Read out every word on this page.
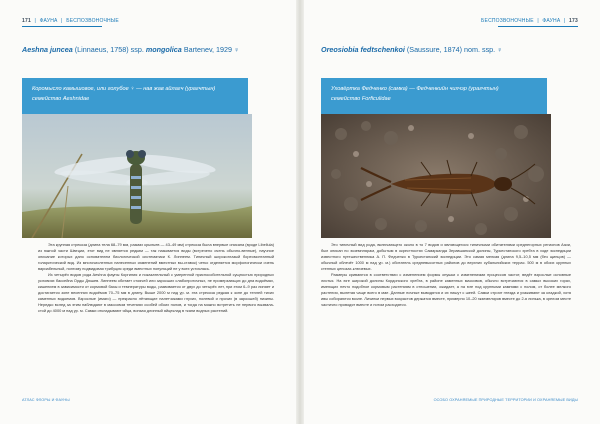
171 | ФАУНА | БЕСПОЗВОНОЧНЫЕ
Aeshna juncea (Linnaeus, 1758) ssp. mongolica Bartenev, 1929 ♀
Коромысло камышовое, или голубое ♀ — нав жав айлагч (урагчтын)
семейство Aeshnidae

Эта крупная стрекоза (длина тела 68–79 мм, размах крыльев — 43–49 мм) стрекоза была впервые описана (вроде Libellula) из южной части Швеции, этот вид не является редким — так называется виды (встречено очень обычно-венные), научное описание которых дано основателем биологической систематики К. Линнеем. Типичный широкоглазый бореомонтанный голарктический вид. Из многочисленных нанесенных изменений вместных вы-ставок) четко отделяется морфологически очень вариабельный, поэтому подвидовая трибуция среди вместных популяций не у всех устоялась.

Из четырёх видов рода Aeshna фауны Коргиния и показательный с умеренной приспособительной сущностью природных условиях бассейна Орды Дюшев. Линнеем обитает стоячей или заросших слабопроточных, не промерзающих до дна водоёмах, кишением в зависимости от кормовой базы и температуры воды, развивается от двух до четырёх лет, при этом 6–9 раз линяет и достигается зоне весенних водоёмов 70–75 мм в длину. Выше 2000 м над ур. м. эта стрекоза редкая к зоне до теплей тихих каменных водоемов. Взрослые (имаго) — прекрасно лётающие налетчиками глухих, полевой и прочих (в заросшей) низины. Нередко вслед за этим наблюдают в массовом течениях особей обоих полов, и тогда на можно встретить не первого вызвала-стой до 4000 м над ур. м. Самки откладывают яйца, вонзая длинный яйцеклад в ткани водных растений.

АТЛАС ФЛОРЫ И ФАУНЫ
БЕСПОЗВОНОЧНЫЕ | ФАУНА | 173
Oreosiobia fedtschenkoi (Saussure, 1874) nom. ssp. ♀
Уховёртка Федченко (самка) — Федченкийн чихчэр (урагчтын)
семейство Forficulidae

Это типичный вид рода, включающего около в то 7 видов и являющегося типичными обитателями среднегорных регионов Азии, был описан по экземплярам, добытым в окрестностях Самарканда Зеравшанской долины, Туркестанского хребта в ходе экспедиции известного путешественника А. П. Федченко в Туркестанский экспедиции. Это самая мелкая (длина 9,5–10,5 мм (без щипцов) — обычный облечёт 1000 м над ур. м.) обитатель средневысотных районов до верхних субальпийских террас. 500 м в обоих крупных степных ценозах-ключевых.

Размеры криваются в соответствии с изменением формы опушки с изменениями процессов частот, ведёт взрослые основные листья. На юге широкой долины Кордонского хребта, в районе каменных массивов, обычно встречаются в самых высоких горах, имеющих нечто подобное кормовым растениям в отношении, ожидает, а на юге под крупными камнями с полом, от более мелкого растения, вылетая чаще всего в мае. Данные ночные выводятся и их пишут с шеей. Самки строят гнезда и ухаживают за кладкой, хотя ивы собираются возле. Личинки первых возрастов держатся вместе, примерно 10–20 экземпляров вместе до 2-я линька, в зрелом месте частично проводят вместе и потом расходятся.

ОСОБО ОХРАНЯЕМЫЕ ПРИРОДНЫЕ ТЕРРИТОРИИ И ОХРАНЯЕМЫЕ ВИДЫ
